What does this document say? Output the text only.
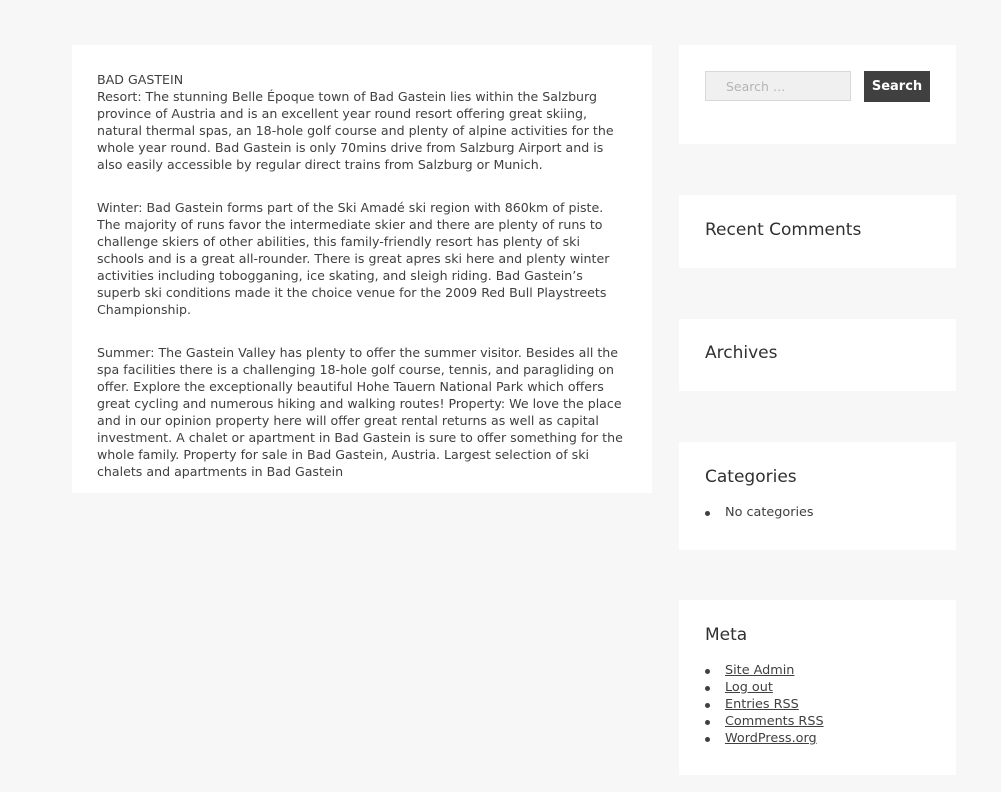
BAD GASTEIN
Resort: The stunning Belle Époque town of Bad Gastein lies within the Salzburg province of Austria and is an excellent year round resort offering great skiing, natural thermal spas, an 18-hole golf course and plenty of alpine activities for the whole year round. Bad Gastein is only 70mins drive from Salzburg Airport and is also easily accessible by regular direct trains from Salzburg or Munich.

Winter: Bad Gastein forms part of the Ski Amadé ski region with 860km of piste. The majority of runs favor the intermediate skier and there are plenty of runs to challenge skiers of other abilities, this family-friendly resort has plenty of ski schools and is a great all-rounder. There is great apres ski here and plenty winter activities including tobogganing, ice skating, and sleigh riding. Bad Gastein’s superb ski conditions made it the choice venue for the 2009 Red Bull Playstreets Championship.

Summer: The Gastein Valley has plenty to offer the summer visitor. Besides all the spa facilities there is a challenging 18-hole golf course, tennis, and paragliding on offer. Explore the exceptionally beautiful Hohe Tauern National Park which offers great cycling and numerous hiking and walking routes! Property: We love the place and in our opinion property here will offer great rental returns as well as capital investment. A chalet or apartment in Bad Gastein is sure to offer something for the whole family. Property for sale in Bad Gastein, Austria. Largest selection of ski chalets and apartments in Bad Gastein

Search …
Search
Recent Comments
Archives
Categories
No categories
Meta
Site Admin
Log out
Entries RSS
Comments RSS
WordPress.org
